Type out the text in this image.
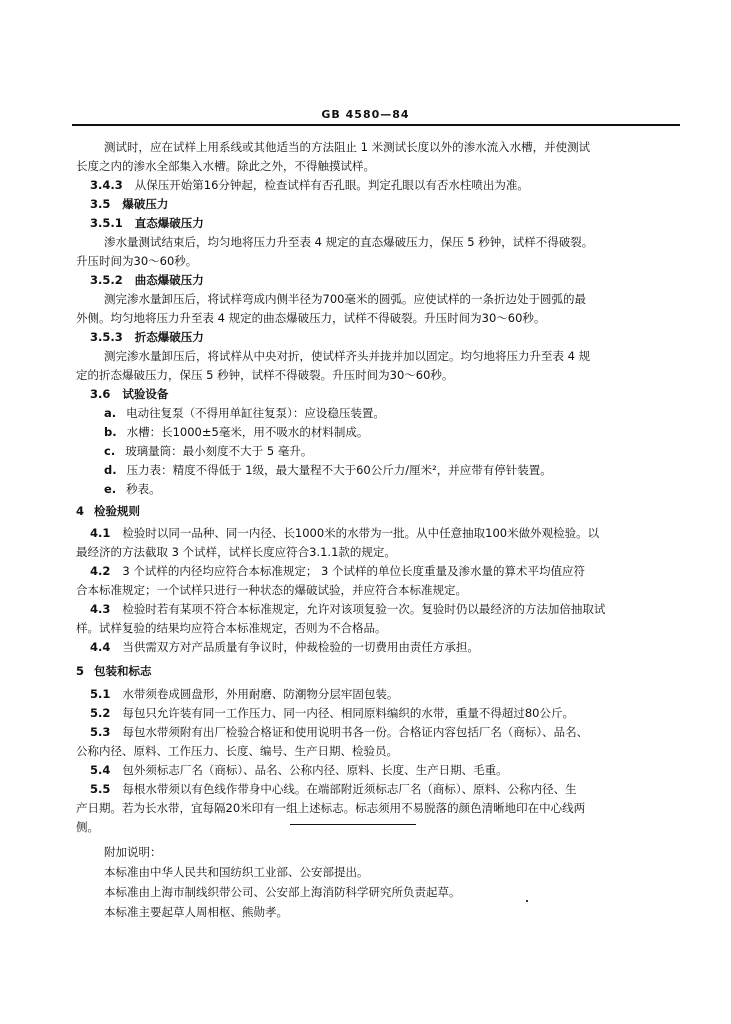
GB 4580—84
测试时，应在试样上用系线或其他适当的方法阻止 1 米测试长度以外的渗水流入水槽，并使测试
长度之内的渗水全部集入水槽。除此之外，不得触摸试样。
3.4.3 从保压开始第16分钟起，检查试样有否孔眼。判定孔眼以有否水柱喷出为准。
3.5 爆破压力
3.5.1 直态爆破压力
渗水量测试结束后，均匀地将压力升至表 4 规定的直态爆破压力，保压 5 秒钟，试样不得破裂。
升压时间为30～60秒。
3.5.2 曲态爆破压力
测完渗水量卸压后，将试样弯成内侧半径为700毫米的圆弧。应使试样的一条折边处于圆弧的最
外侧。均匀地将压力升至表 4 规定的曲态爆破压力，试样不得破裂。升压时间为30～60秒。
3.5.3 折态爆破压力
测完渗水量卸压后，将试样从中央对折，使试样齐头并拢并加以固定。均匀地将压力升至表 4 规
定的折态爆破压力，保压 5 秒钟，试样不得破裂。升压时间为30～60秒。
3.6 试验设备
a. 电动往复泵（不得用单缸往复泵）：应设稳压装置。
b. 水槽：长1000±5毫米，用不吸水的材料制成。
c. 玻璃量筒：最小刻度不大于 5 毫升。
d. 压力表：精度不得低于 1级，最大量程不大于60公斤力/厘米²，并应带有停针装置。
e. 秒表。
4 检验规则
4.1 检验时以同一品种、同一内径、长1000米的水带为一批。从中任意抽取100米做外观检验。以
最经济的方法截取 3 个试样，试样长度应符合3.1.1款的规定。
4.2 3 个试样的内径均应符合本标准规定； 3 个试样的单位长度重量及渗水量的算术平均值应符
合本标准规定；一个试样只进行一种状态的爆破试验，并应符合本标准规定。
4.3 检验时若有某项不符合本标准规定，允许对该项复验一次。复验时仍以最经济的方法加倍抽取试
样。试样复验的结果均应符合本标准规定，否则为不合格品。
4.4 当供需双方对产品质量有争议时，仲裁检验的一切费用由责任方承担。
5 包装和标志
5.1 水带须卷成圆盘形，外用耐磨、防潮物分层牢固包装。
5.2 每包只允许装有同一工作压力、同一内径、相同原料编织的水带，重量不得超过80公斤。
5.3 每包水带须附有出厂检验合格证和使用说明书各一份。合格证内容包括厂名（商标）、品名、
公称内径、原料、工作压力、长度、编号、生产日期、检验员。
5.4 包外须标志厂名（商标）、品名、公称内径、原料、长度、生产日期、毛重。
5.5 每根水带须以有色线作带身中心线。在端部附近须标志厂名（商标）、原料、公称内径、生
产日期。若为长水带，宜每隔20米印有一组上述标志。标志须用不易脱落的颜色清晰地印在中心线两
侧。
附加说明：
本标准由中华人民共和国纺织工业部、公安部提出。
本标准由上海市制线织带公司、公安部上海消防科学研究所负责起草。
本标准主要起草人周相枢、熊勋孝。
